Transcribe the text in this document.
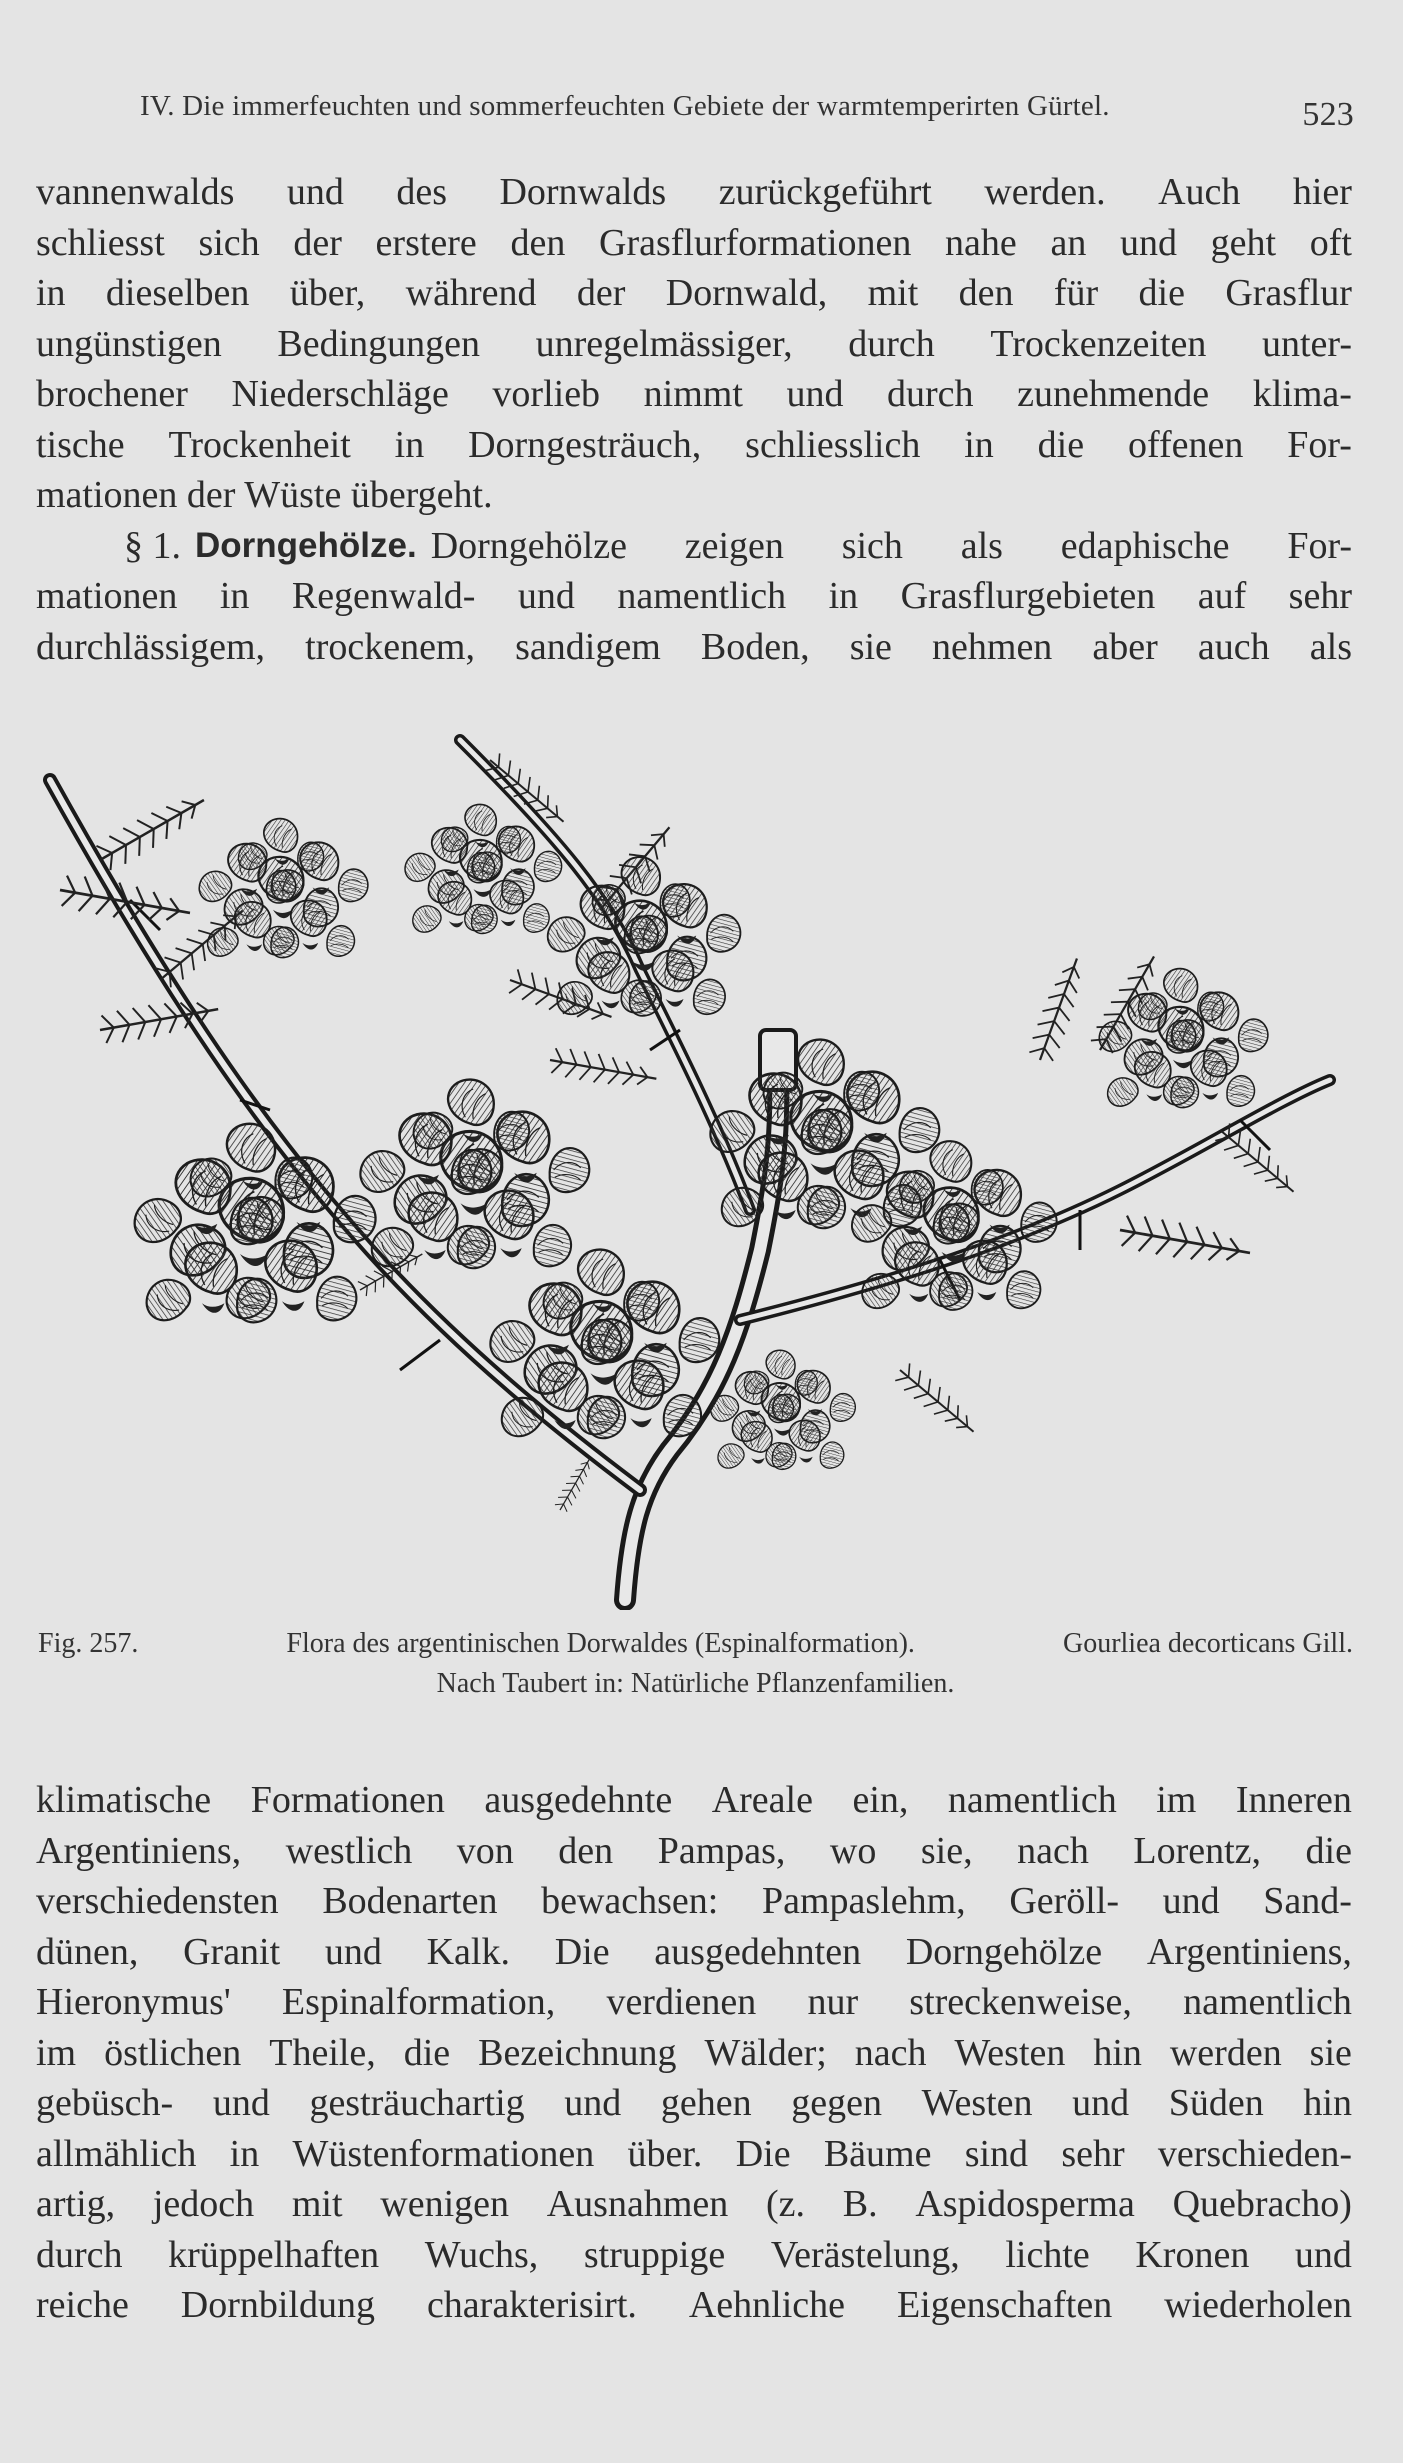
IV. Die immerfeuchten und sommerfeuchten Gebiete der warmtemperirten Gürtel.	523
vannenwalds und des Dornwalds zurückgeführt werden. Auch hier
schliesst sich der erstere den Grasflurformationen nahe an und geht oft
in dieselben über, während der Dornwald, mit den für die Grasflur
ungünstigen Bedingungen unregelmässiger, durch Trockenzeiten unter-
brochener Niederschläge vorlieb nimmt und durch zunehmende klima-
tische Trockenheit in Dorngesträuch, schliesslich in die offenen For-
mationen der Wüste übergeht.
§ 1. Dorngehölze. Dorngehölze zeigen sich als edaphische For-
mationen in Regenwald- und namentlich in Grasflurgebieten auf sehr
durchlässigem, trockenem, sandigem Boden, sie nehmen aber auch als
Fig. 257.	Flora des argentinischen Dorwaldes (Espinalformation).	Gourliea decorticans Gill.
Nach Taubert in: Natürliche Pflanzenfamilien.
klimatische Formationen ausgedehnte Areale ein, namentlich im Inneren
Argentiniens, westlich von den Pampas, wo sie, nach Lorentz, die
verschiedensten Bodenarten bewachsen: Pampaslehm, Geröll- und Sand-
dünen, Granit und Kalk. Die ausgedehnten Dorngehölze Argentiniens,
Hieronymus' Espinalformation, verdienen nur streckenweise, namentlich
im östlichen Theile, die Bezeichnung Wälder; nach Westen hin werden sie
gebüsch- und gesträuchartig und gehen gegen Westen und Süden hin
allmählich in Wüstenformationen über. Die Bäume sind sehr verschieden-
artig, jedoch mit wenigen Ausnahmen (z. B. Aspidosperma Quebracho)
durch krüppelhaften Wuchs, struppige Verästelung, lichte Kronen und
reiche Dornbildung charakterisirt. Aehnliche Eigenschaften wiederholen
